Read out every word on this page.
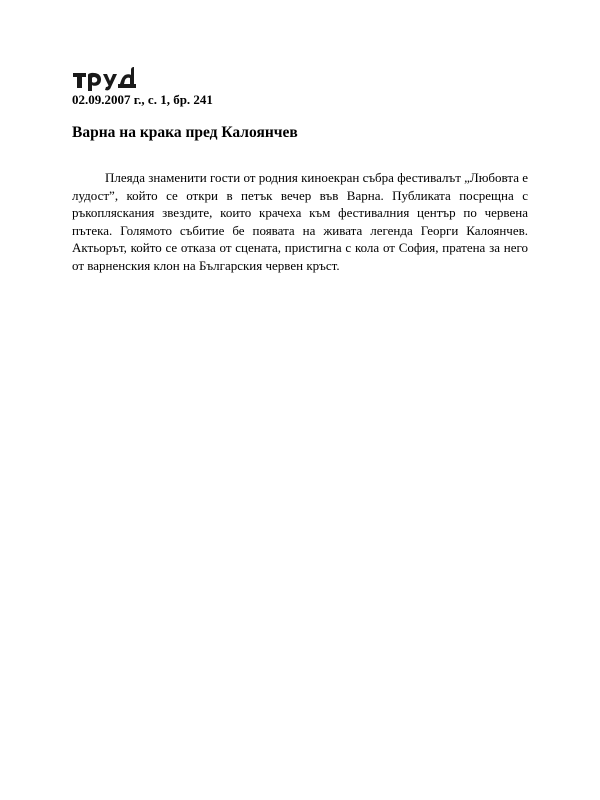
02.09.2007 г., с. 1, бр. 241
Варна на крака пред Калоянчев

Плеяда знаменити гости от родния киноекран събра фестивалът „Любовта е лудост”, който се откри в петък вечер във Варна. Публиката посрещна с ръкопляскания звездите, които крачеха към фестивалния център по червена пътека. Голямото събитие бе появата на живата легенда Георги Калоянчев. Актьорът, който се отказа от сцената, пристигна с кола от София, пратена за него от варненския клон на Българския червен кръст.
